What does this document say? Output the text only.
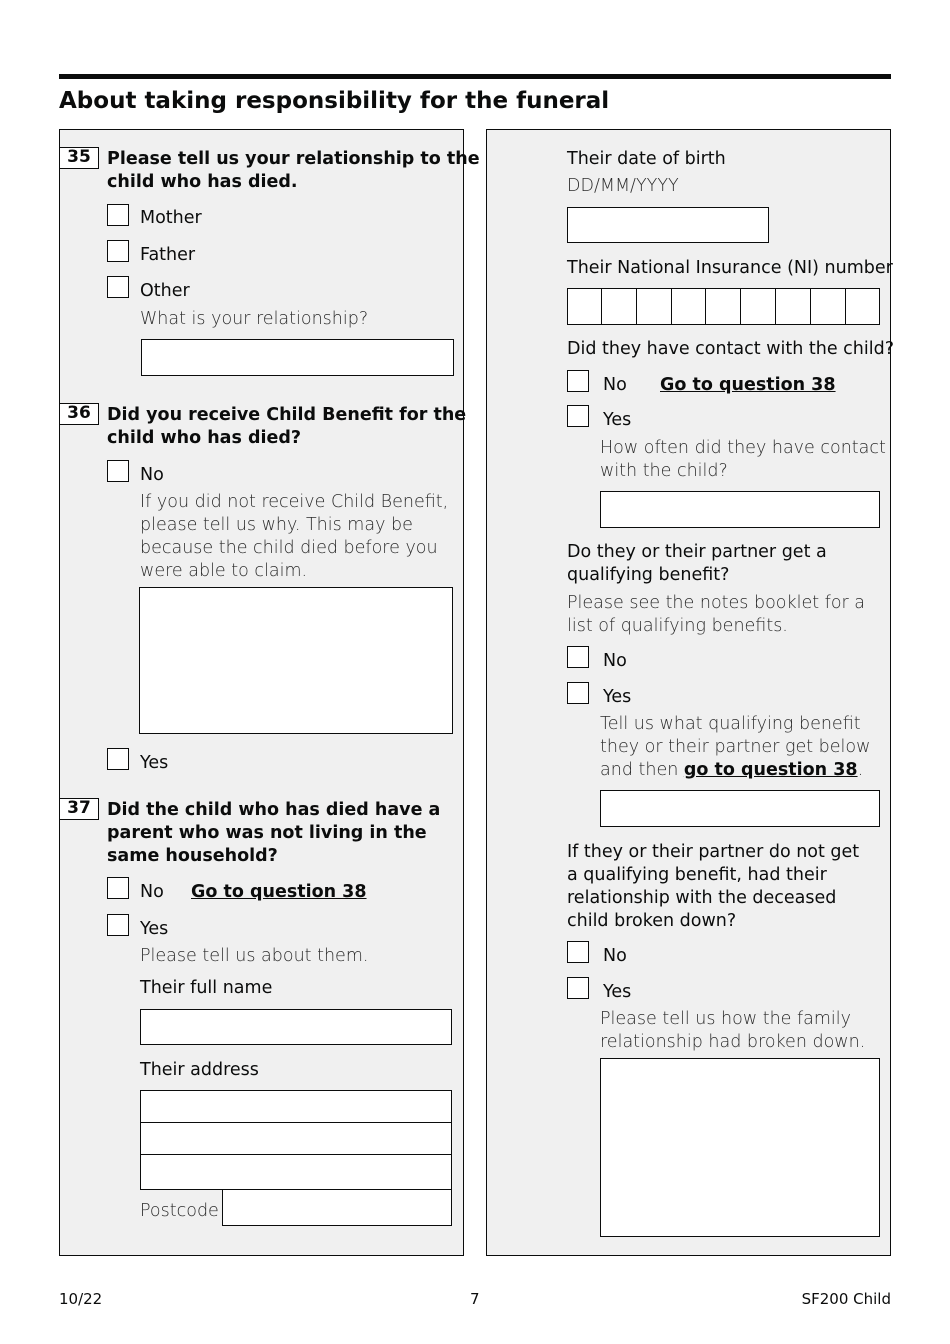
About taking responsibility for the funeral
35 Please tell us your relationship to the
child who has died.
Mother
Father
Other
What is your relationship?
36 Did you receive Child Benefit for the
child who has died?
No
If you did not receive Child Benefit,
please tell us why. This may be
because the child died before you
were able to claim.
Yes
37 Did the child who has died have a
parent who was not living in the
same household?
No Go to question 38
Yes
Please tell us about them.
Their full name
Their address
Postcode
Their date of birth
DD/MM/YYYY
Their National Insurance (NI) number
Did they have contact with the child?
No Go to question 38
Yes
How often did they have contact
with the child?
Do they or their partner get a
qualifying benefit?
Please see the notes booklet for a
list of qualifying benefits.
No
Yes
Tell us what qualifying benefit
they or their partner get below
and then go to question 38.
If they or their partner do not get
a qualifying benefit, had their
relationship with the deceased
child broken down?
No
Yes
Please tell us how the family
relationship had broken down.
10/22	7	SF200 Child
